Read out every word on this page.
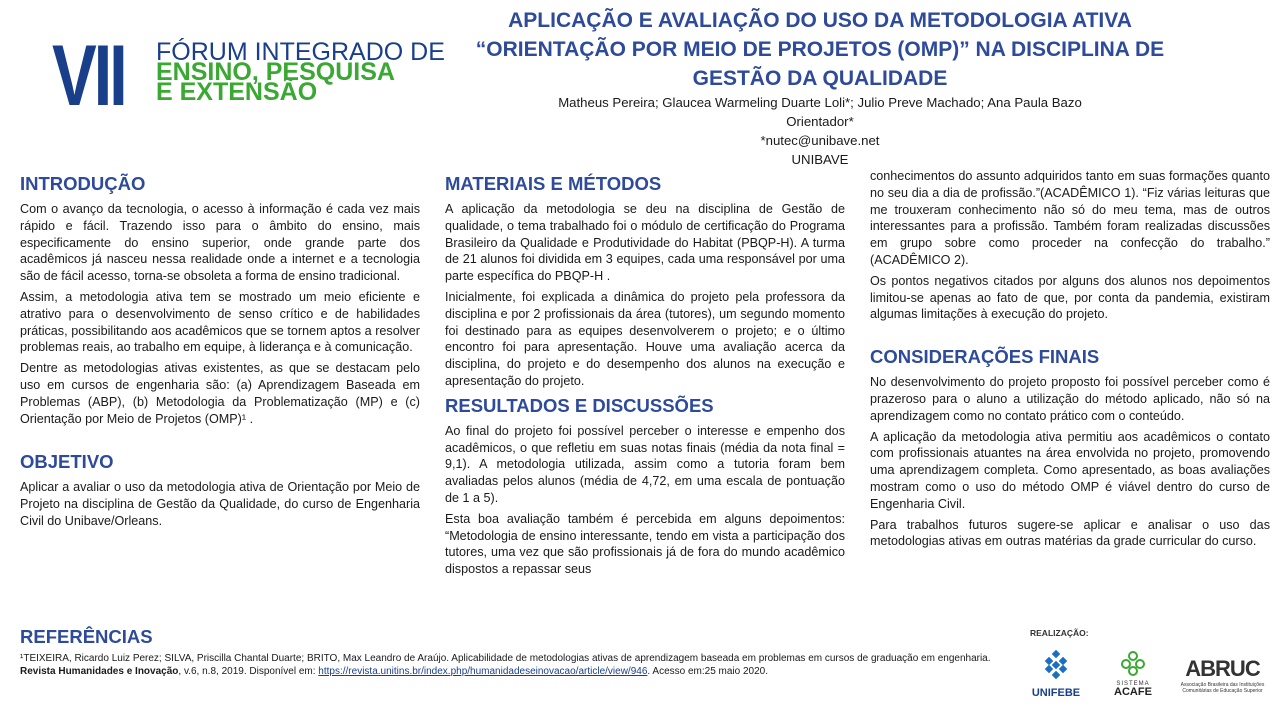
VII FÓRUM INTEGRADO DE
ENSINO, PESQUISA
E EXTENSÃO
APLICAÇÃO E AVALIAÇÃO DO USO DA METODOLOGIA ATIVA “ORIENTAÇÃO POR MEIO DE PROJETOS (OMP)” NA DISCIPLINA DE GESTÃO DA QUALIDADE
Matheus Pereira; Glaucea Warmeling Duarte Loli*; Julio Preve Machado; Ana Paula Bazo
Orientador*
*nutec@unibave.net
UNIBAVE
INTRODUÇÃO
Com o avanço da tecnologia, o acesso à informação é cada vez mais rápido e fácil. Trazendo isso para o âmbito do ensino, mais especificamente do ensino superior, onde grande parte dos acadêmicos já nasceu nessa realidade onde a internet e a tecnologia são de fácil acesso, torna-se obsoleta a forma de ensino tradicional.
Assim, a metodologia ativa tem se mostrado um meio eficiente e atrativo para o desenvolvimento de senso crítico e de habilidades práticas, possibilitando aos acadêmicos que se tornem aptos a resolver problemas reais, ao trabalho em equipe, à liderança e à comunicação.
Dentre as metodologias ativas existentes, as que se destacam pelo uso em cursos de engenharia são: (a) Aprendizagem Baseada em Problemas (ABP), (b) Metodologia da Problematização (MP) e (c) Orientação por Meio de Projetos (OMP)¹ .
OBJETIVO
Aplicar a avaliar o uso da metodologia ativa de Orientação por Meio de Projeto na disciplina de Gestão da Qualidade, do curso de Engenharia Civil do Unibave/Orleans.
MATERIAIS E MÉTODOS
A aplicação da metodologia se deu na disciplina de Gestão de qualidade, o tema trabalhado foi o módulo de certificação do Programa Brasileiro da Qualidade e Produtividade do Habitat (PBQP-H). A turma de 21 alunos foi dividida em 3 equipes, cada uma responsável por uma parte específica do PBQP-H .
Inicialmente, foi explicada a dinâmica do projeto pela professora da disciplina e por 2 profissionais da área (tutores), um segundo momento foi destinado para as equipes desenvolverem o projeto; e o último encontro foi para apresentação. Houve uma avaliação acerca da disciplina, do projeto e do desempenho dos alunos na execução e apresentação do projeto.
RESULTADOS E DISCUSSÕES
Ao final do projeto foi possível perceber o interesse e empenho dos acadêmicos, o que refletiu em suas notas finais (média da nota final = 9,1). A metodologia utilizada, assim como a tutoria foram bem avaliadas pelos alunos (média de 4,72, em uma escala de pontuação de 1 a 5).
Esta boa avaliação também é percebida em alguns depoimentos: “Metodologia de ensino interessante, tendo em vista a participação dos tutores, uma vez que são profissionais já de fora do mundo acadêmico dispostos a repassar seus
conhecimentos do assunto adquiridos tanto em suas formações quanto no seu dia a dia de profissão.”(ACADÊMICO 1). “Fiz várias leituras que me trouxeram conhecimento não só do meu tema, mas de outros interessantes para a profissão. Também foram realizadas discussões em grupo sobre como proceder na confecção do trabalho.” (ACADÊMICO 2).
Os pontos negativos citados por alguns dos alunos nos depoimentos limitou-se apenas ao fato de que, por conta da pandemia, existiram algumas limitações à execução do projeto.
CONSIDERAÇÕES FINAIS
No desenvolvimento do projeto proposto foi possível perceber como é prazeroso para o aluno a utilização do método aplicado, não só na aprendizagem como no contato prático com o conteúdo.
A aplicação da metodologia ativa permitiu aos acadêmicos o contato com profissionais atuantes na área envolvida no projeto, promovendo uma aprendizagem completa. Como apresentado, as boas avaliações mostram como o uso do método OMP é viável dentro do curso de Engenharia Civil.
Para trabalhos futuros sugere-se aplicar e analisar o uso das metodologias ativas em outras matérias da grade curricular do curso.
REFERÊNCIAS
¹TEIXEIRA, Ricardo Luiz Perez; SILVA, Priscilla Chantal Duarte; BRITO, Max Leandro de Araújo. Aplicabilidade de metodologias ativas de aprendizagem baseada em problemas em cursos de graduação em engenharia. Revista Humanidades e Inovação, v.6, n.8, 2019. Disponível em: https://revista.unitins.br/index.php/humanidadeseinovacao/article/view/946. Acesso em:25 maio 2020.
REALIZAÇÃO:
UNIFEBE
SISTEMA
ACAFE
ABRUC
Associação Brasileira das Instituições Comunitárias de Educação Superior
